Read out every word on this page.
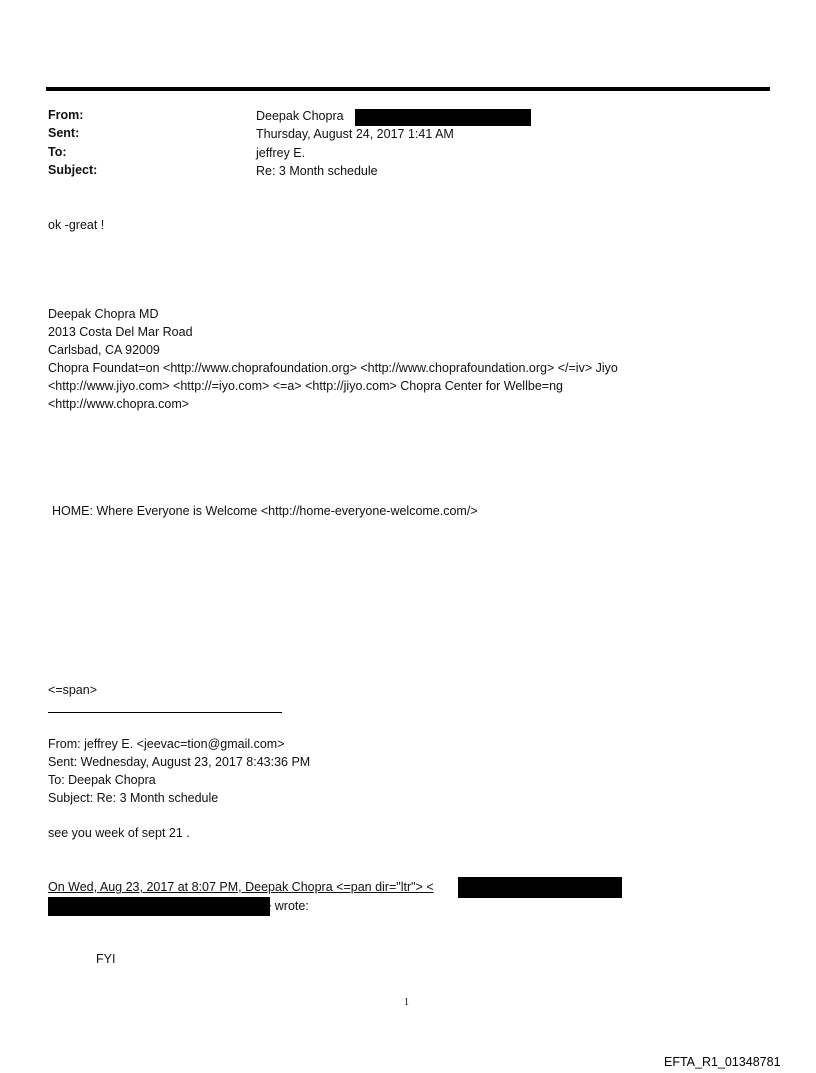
From:	Deepak Chopra
Sent:	Thursday, August 24, 2017 1:41 AM
To:	jeffrey E.
Subject:	Re: 3 Month schedule
ok -great !
Deepak Chopra MD
2013 Costa Del Mar Road
Carlsbad, CA 92009
Chopra Foundat=on <http://www.choprafoundation.org> <http://www.choprafoundation.org> </=iv> Jiyo
<http://www.jiyo.com> <http://=iyo.com> <=a> <http://jiyo.com> Chopra Center for Wellbe=ng
<http://www.chopra.com>
HOME: Where Everyone is Welcome <http://home-everyone-welcome.com/>
<=span>
From: jeffrey E. <jeevac=tion@gmail.com>
Sent: Wednesday, August 23, 2017 8:43:36 PM
To: Deepak Chopra
Subject: Re: 3 Month schedule
see you week of sept 21 .
On Wed, Aug 23, 2017 at 8:07 PM, Deepak Chopra <=pan dir="ltr"> <
> wrote:
FYI
1
EFTA_R1_01348781
